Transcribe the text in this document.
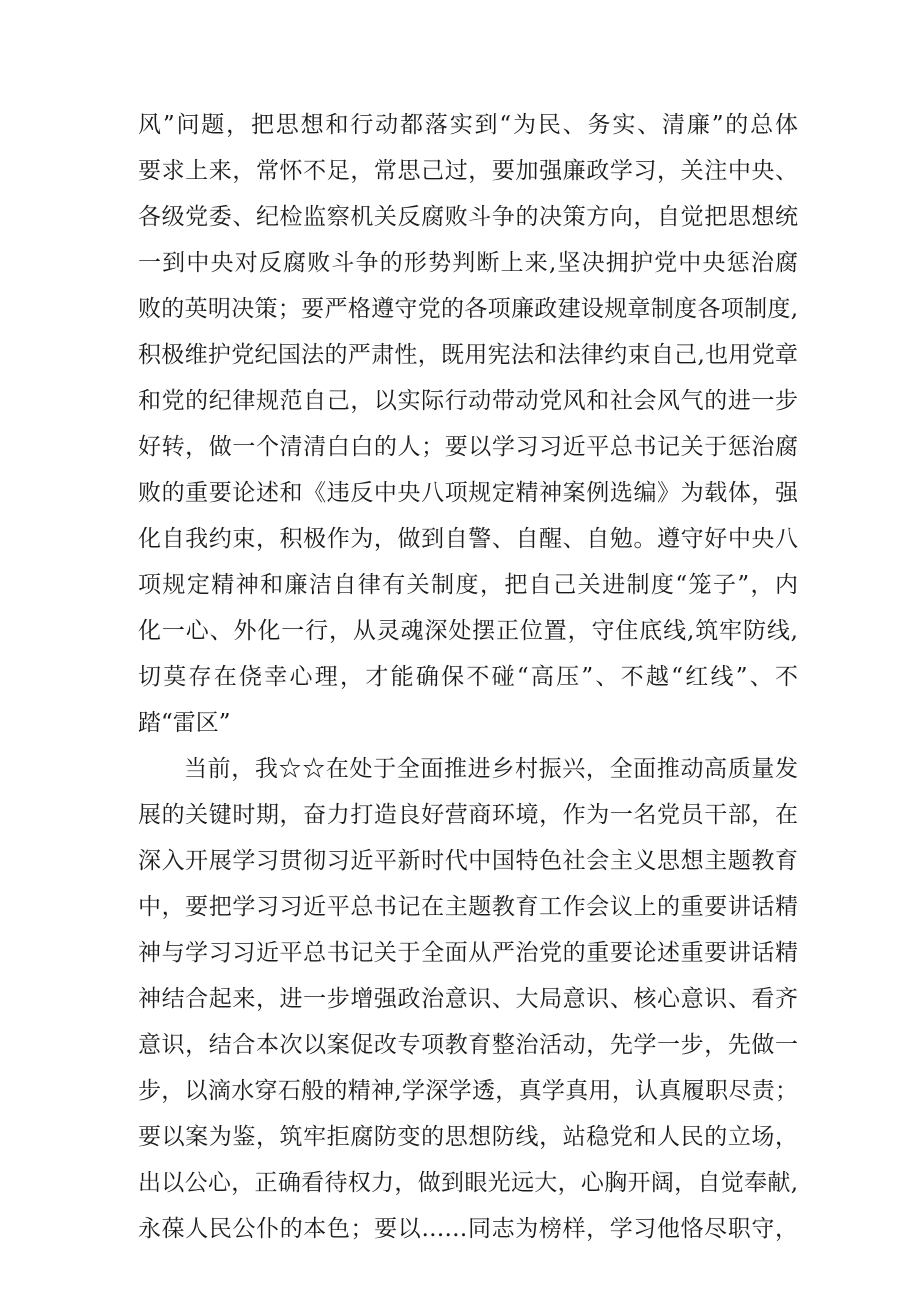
风”问题，把思想和行动都落实到“为民、务实、清廉”的总体
要求上来，常怀不足，常思己过，要加强廉政学习，关注中央、
各级党委、纪检监察机关反腐败斗争的决策方向，自觉把思想统
一到中央对反腐败斗争的形势判断上来,坚决拥护党中央惩治腐
败的英明决策；要严格遵守党的各项廉政建设规章制度各项制度,
积极维护党纪国法的严肃性，既用宪法和法律约束自己,也用党章
和党的纪律规范自己，以实际行动带动党风和社会风气的进一步
好转，做一个清清白白的人；要以学习习近平总书记关于惩治腐
败的重要论述和《违反中央八项规定精神案例选编》为载体，强
化自我约束，积极作为，做到自警、自醒、自勉。遵守好中央八
项规定精神和廉洁自律有关制度，把自己关进制度“笼子”，内
化一心、外化一行，从灵魂深处摆正位置，守住底线,筑牢防线,
切莫存在侥幸心理，才能确保不碰“高压”、不越“红线”、不
踏“雷区”
当前，我☆☆在处于全面推进乡村振兴，全面推动高质量发
展的关键时期，奋力打造良好营商环境，作为一名党员干部，在
深入开展学习贯彻习近平新时代中国特色社会主义思想主题教育
中，要把学习习近平总书记在主题教育工作会议上的重要讲话精
神与学习习近平总书记关于全面从严治党的重要论述重要讲话精
神结合起来，进一步增强政治意识、大局意识、核心意识、看齐
意识，结合本次以案促改专项教育整治活动，先学一步，先做一
步，以滴水穿石般的精神,学深学透，真学真用，认真履职尽责；
要以案为鉴，筑牢拒腐防变的思想防线，站稳党和人民的立场，
出以公心，正确看待权力，做到眼光远大，心胸开阔，自觉奉献,
永葆人民公仆的本色；要以……同志为榜样，学习他恪尽职守，
